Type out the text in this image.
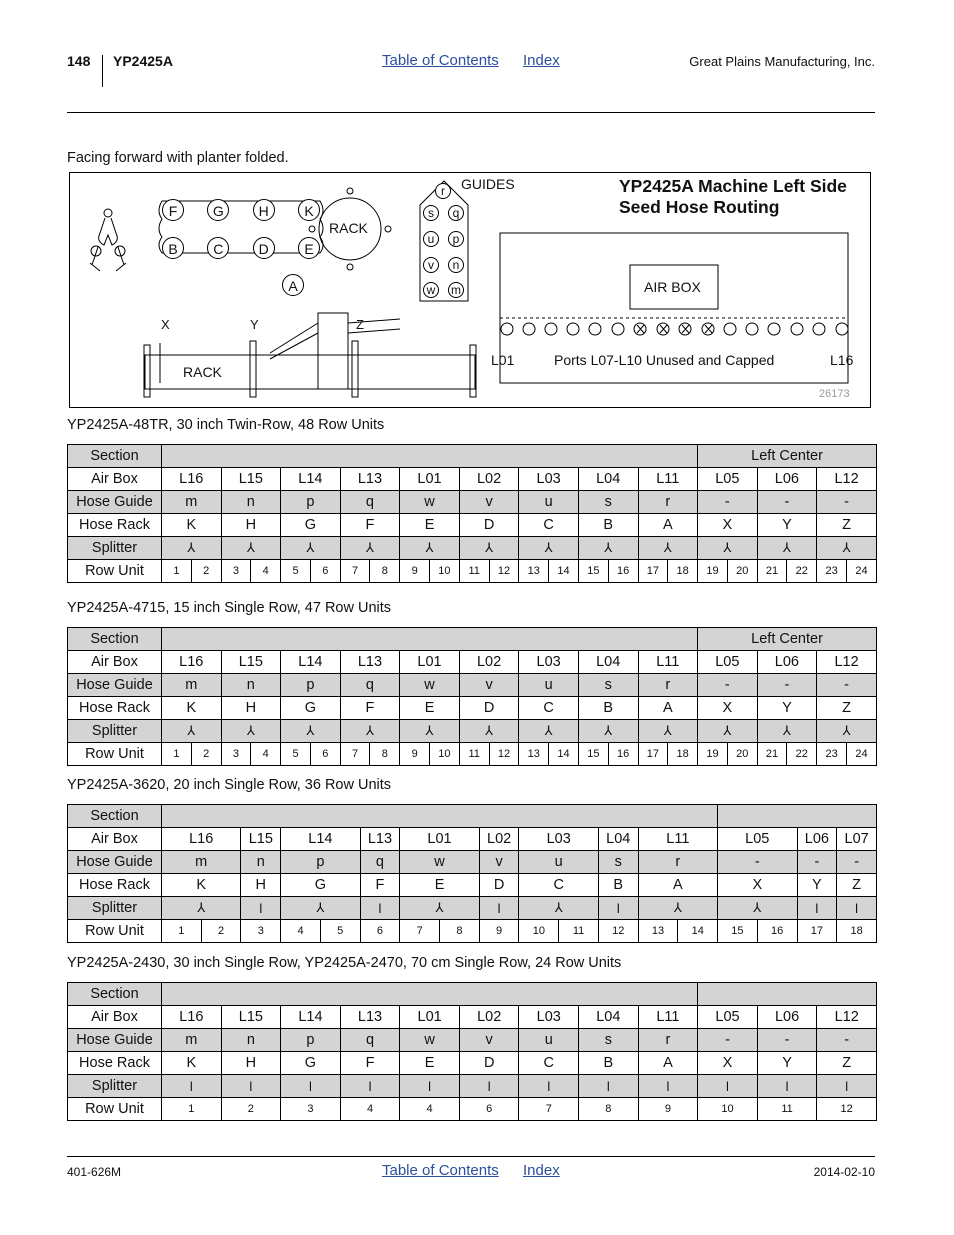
148 YP2425A	Table of Contents Index	Great Plains Manufacturing, Inc.
Facing forward with planter folded.
YP2425A Machine Left Side
Seed Hose Routing
GUIDES
RACK
RACK
AIR BOX
L01	Ports L07-L10 Unused and Capped	L16
26173
F	G	H	K
B	C	D	E
A
r
s	q
u	p
v	n
w	m
X	Y	Z
YP2425A-48TR, 30 inch Twin-Row, 48 Row Units
Section																			Left Center					
Air Box	L16		L15		L14		L13		L01		L02		L03		L04		L11		L05		L06		L12	
Hose Guide	m		n		p		q		w		v		u		s		r		-		-		-	
Hose Rack	K		H		G		F		E		D		C		B		A		X		Y		Z	
Splitter	⅄		⅄		⅄		⅄		⅄		⅄		⅄		⅄		⅄		⅄		⅄		⅄	
Row Unit	1	2	3	4	5	6	7	8	9	10	11	12	13	14	15	16	17	18	19	20	21	22	23	24
YP2425A-4715, 15 inch Single Row, 47 Row Units
Section																			Left Center					
Air Box	L16		L15		L14		L13		L01		L02		L03		L04		L11		L05		L06		L12	
Hose Guide	m		n		p		q		w		v		u		s		r		-		-		-	
Hose Rack	K		H		G		F		E		D		C		B		A		X		Y		Z	
Splitter	⅄		⅄		⅄		⅄		⅄		⅄		⅄		⅄		⅄		⅄		⅄		⅄	
Row Unit	1	2	3	4	5	6	7	8	9	10	11	12	13	14	15	16	17	18	19	20	21	22	23	24
YP2425A-3620, 20 inch Single Row, 36 Row Units
Section																		
Air Box	L16		L15	L14		L13	L01		L02	L03		L04	L11		L05		L06	L07
Hose Guide	m		n	p		q	w		v	u		s	r		-		-	-
Hose Rack	K		H	G		F	E		D	C		B	A		X		Y	Z
Splitter	⅄		l	⅄		l	⅄		l	⅄		l	⅄		⅄		l	l
Row Unit	1	2	3	4	5	6	7	8	9	10	11	12	13	14	15	16	17	18
YP2425A-2430, 30 inch Single Row, YP2425A-2470, 70 cm Single Row, 24 Row Units
Section												
Air Box	L16	L15	L14	L13	L01	L02	L03	L04	L11	L05	L06	L12
Hose Guide	m	n	p	q	w	v	u	s	r	-	-	-
Hose Rack	K	H	G	F	E	D	C	B	A	X	Y	Z
Splitter	l	l	l	l	l	l	l	l	l	l	l	l
Row Unit	1	2	3	4	4	6	7	8	9	10	11	12
401-626M	Table of Contents Index	2014-02-10
